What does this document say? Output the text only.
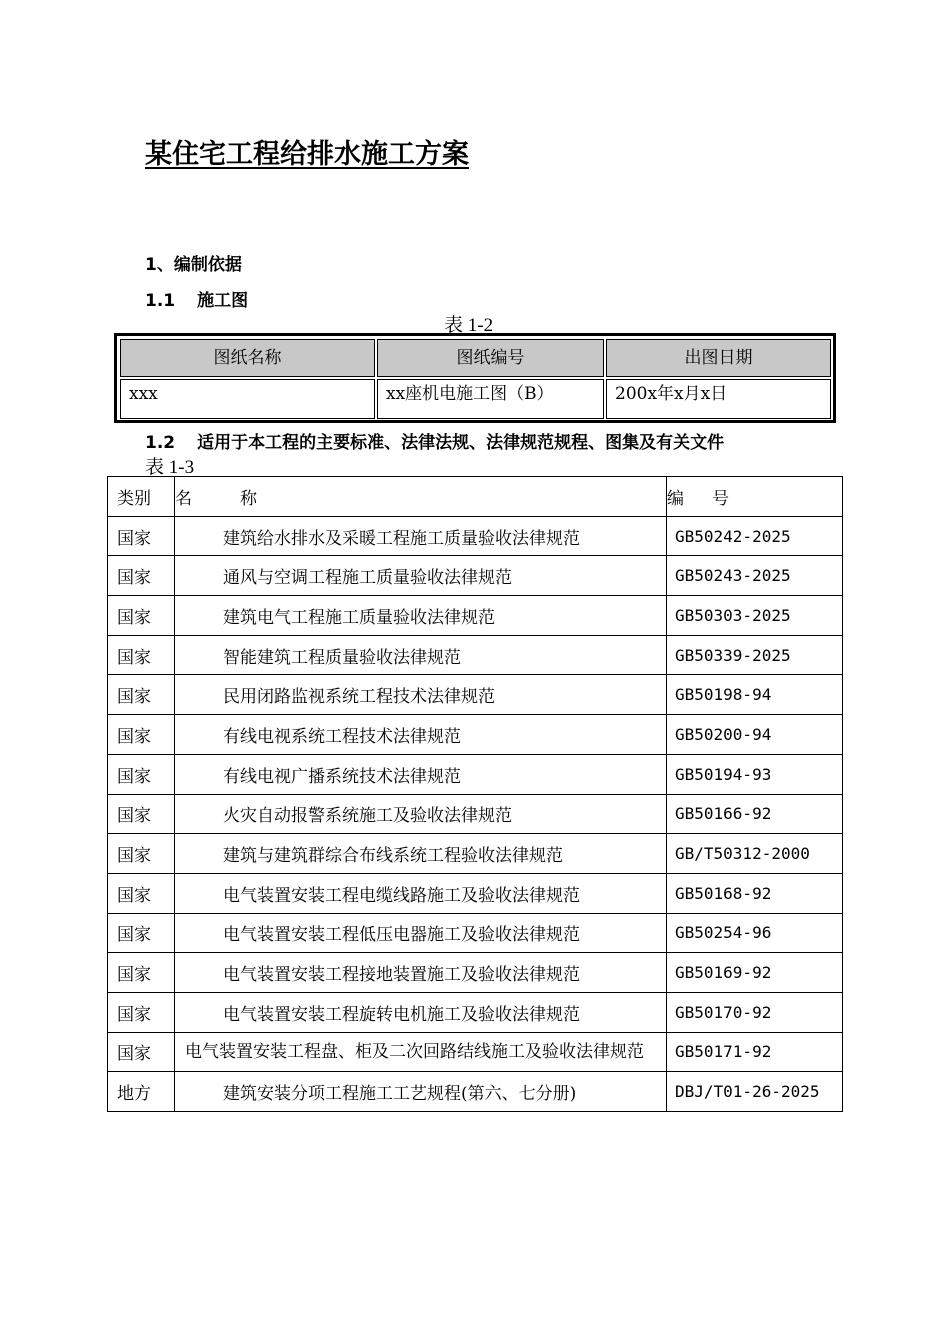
某住宅工程给排水施工方案
1、编制依据
1.1 施工图
表 1-2
图纸名称	图纸编号	出图日期
xxx	xx座机电施工图（B）	200x年x月x日
1.2 适用于本工程的主要标准、法律法规、法律规范规程、图集及有关文件
表 1-3
类别	名 称	编 号
国家	建筑给水排水及采暖工程施工质量验收法律规范	GB50242-2025
国家	通风与空调工程施工质量验收法律规范	GB50243-2025
国家	建筑电气工程施工质量验收法律规范	GB50303-2025
国家	智能建筑工程质量验收法律规范	GB50339-2025
国家	民用闭路监视系统工程技术法律规范	GB50198-94
国家	有线电视系统工程技术法律规范	GB50200-94
国家	有线电视广播系统技术法律规范	GB50194-93
国家	火灾自动报警系统施工及验收法律规范	GB50166-92
国家	建筑与建筑群综合布线系统工程验收法律规范	GB/T50312-2000
国家	电气装置安装工程电缆线路施工及验收法律规范	GB50168-92
国家	电气装置安装工程低压电器施工及验收法律规范	GB50254-96
国家	电气装置安装工程接地装置施工及验收法律规范	GB50169-92
国家	电气装置安装工程旋转电机施工及验收法律规范	GB50170-92
国家	电气装置安装工程盘、柜及二次回路结线施工及验收法律规范	GB50171-92
地方	建筑安装分项工程施工工艺规程(第六、七分册)	DBJ/T01-26-2025
